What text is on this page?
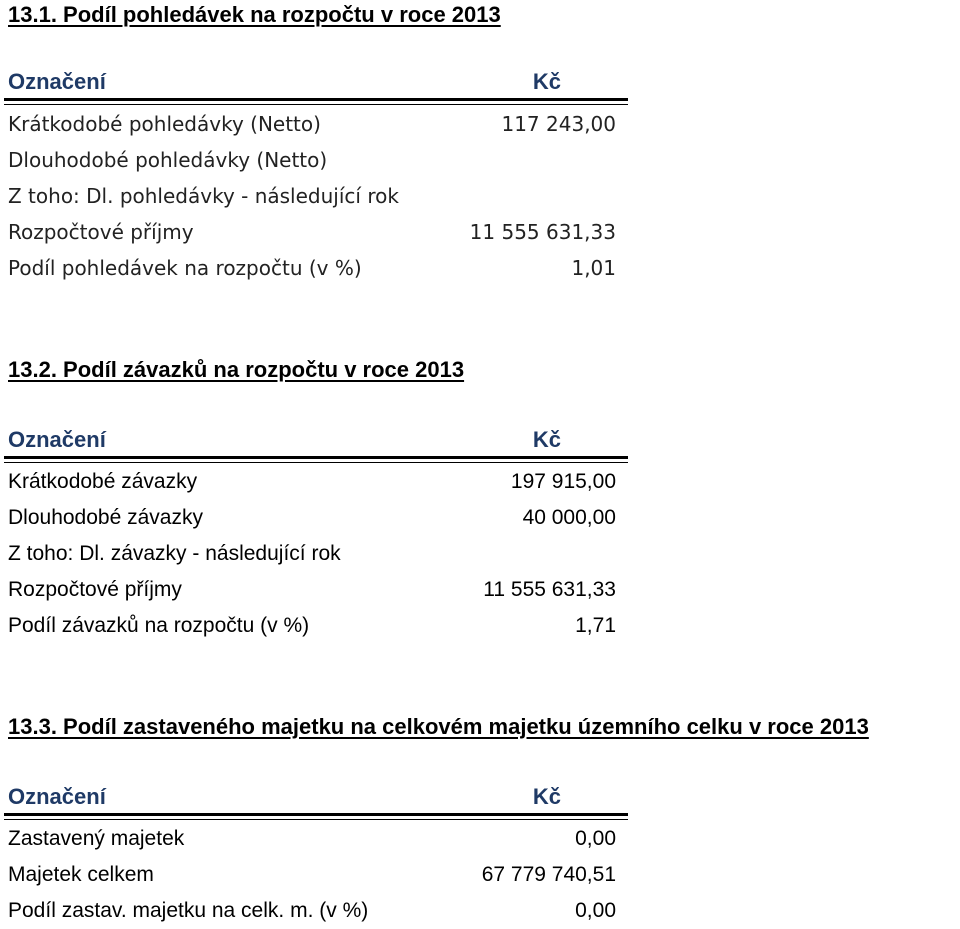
13.1. Podíl pohledávek na rozpočtu v roce 2013
Označení	Kč
Krátkodobé pohledávky (Netto)	117 243,00
Dlouhodobé pohledávky (Netto)
Z toho: Dl. pohledávky - následující rok
Rozpočtové příjmy	11 555 631,33
Podíl pohledávek na rozpočtu (v %)	1,01
13.2. Podíl závazků na rozpočtu v roce 2013
Označení	Kč
Krátkodobé závazky	197 915,00
Dlouhodobé závazky	40 000,00
Z toho: Dl. závazky - následující rok
Rozpočtové příjmy	11 555 631,33
Podíl závazků na rozpočtu (v %)	1,71
13.3. Podíl zastaveného majetku na celkovém majetku územního celku v roce 2013
Označení	Kč
Zastavený majetek	0,00
Majetek celkem	67 779 740,51
Podíl zastav. majetku na celk. m. (v %)	0,00
